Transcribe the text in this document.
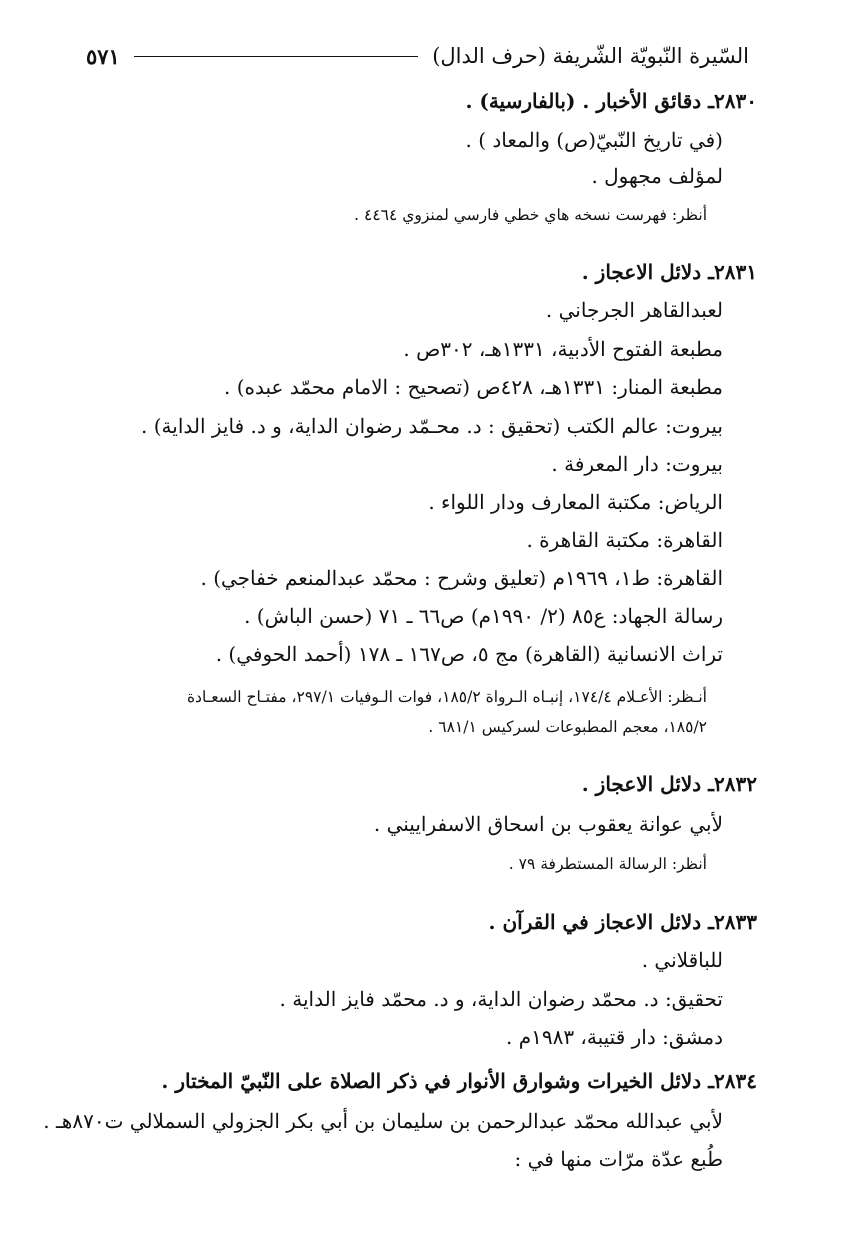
السّيرة النّبويّة الشّريفة (حرف الدال)
٥٧١
٢٨٣٠ـ دقائق الأخبار . (بالفارسية) .
(في تاريخ النّبيّ(ص) والمعاد ) .
لمؤلف مجهول .
أنظر: فهرست نسخه هاي خطي فارسي لمنزوي ٤٤٦٤ .
٢٨٣١ـ دلائل الاعجاز .
لعبدالقاهر الجرجاني .
مطبعة الفتوح الأدبية، ١٣٣١هـ، ٣٠٢ص .
مطبعة المنار: ١٣٣١هـ، ٤٢٨ص (تصحيح : الامام محمّد عبده) .
بيروت: عالم الكتب (تحقيق : د. محـمّد رضوان الداية، و د. فايز الداية) .
بيروت: دار المعرفة .
الرياض: مكتبة المعارف ودار اللواء .
القاهرة: مكتبة القاهرة .
القاهرة: ط١، ١٩٦٩م (تعليق وشرح : محمّد عبدالمنعم خفاجي) .
رسالة الجهاد: ع٨٥ (٢/ ١٩٩٠م) ص٦٦ ـ ٧١ (حسن الباش) .
تراث الانسانية (القاهرة) مج ٥، ص١٦٧ ـ ١٧٨ (أحمد الحوفي) .
أنـظر: الأعـلام ١٧٤/٤، إنبـاه الـرواة ١٨٥/٢، فوات الـوفيات ٢٩٧/١، مفتـاح السعـادة
١٨٥/٢، معجم المطبوعات لسركيس ٦٨١/١ .
٢٨٣٢ـ دلائل الاعجاز .
لأبي عوانة يعقوب بن اسحاق الاسفراييني .
أنظر: الرسالة المستطرفة ٧٩ .
٢٨٣٣ـ دلائل الاعجاز في القرآن .
للباقلاني .
تحقيق: د. محمّد رضوان الداية، و د. محمّد فايز الداية .
دمشق: دار قتيبة، ١٩٨٣م .
٢٨٣٤ـ دلائل الخيرات وشوارق الأنوار في ذكر الصلاة على النّبيّ المختار .
لأبي عبدالله محمّد عبدالرحمن بن سليمان بن أبي بكر الجزولي السملالي ت٨٧٠هـ .
طُبع عدّة مرّات منها في :
